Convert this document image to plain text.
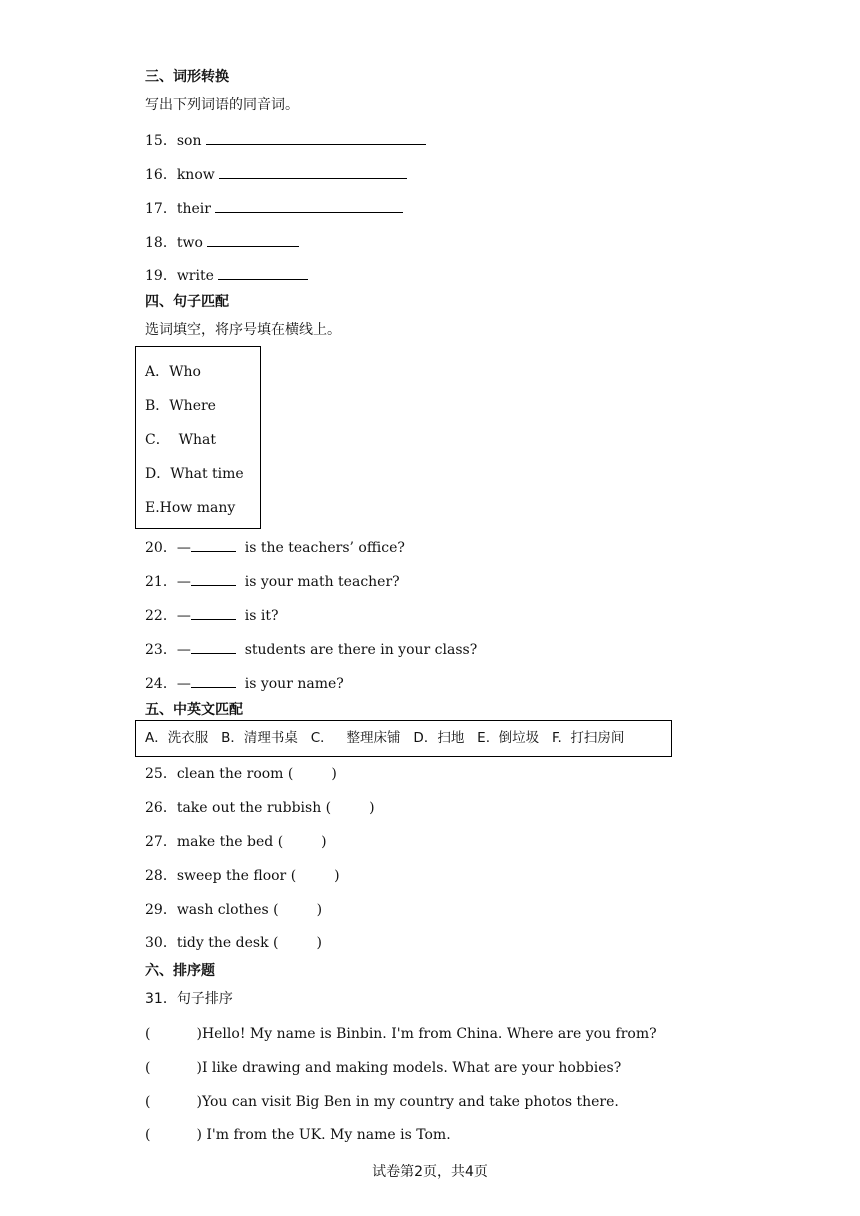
三、词形转换
写出下列词语的同音词。
15．son
16．know
17．their
18．two
19．write
四、句子匹配
选词填空，将序号填在横线上。
A．Who
B．Where
C．  What
D．What time
E.How many
20．—	is the teachers’ office?
21．—	is your math teacher?
22．—	is it?
23．—	students are there in your class?
24．—	is your name?
五、中英文匹配
A．洗衣服   B．清理书桌   C．   整理床铺   D．扫地   E.  倒垃圾   F.  打扫房间
25．clean the room (	)
26．take out the rubbish (	)
27．make the bed (	)
28．sweep the floor (	)
29．wash clothes (	)
30．tidy the desk (	)
六、排序题
31．句子排序
(	)Hello! My name is Binbin. I'm from China. Where are you from?
(	)I like drawing and making models. What are your hobbies?
(	)You can visit Big Ben in my country and take photos there.
(	) I'm from the UK. My name is Tom.
试卷第2页，共4页
